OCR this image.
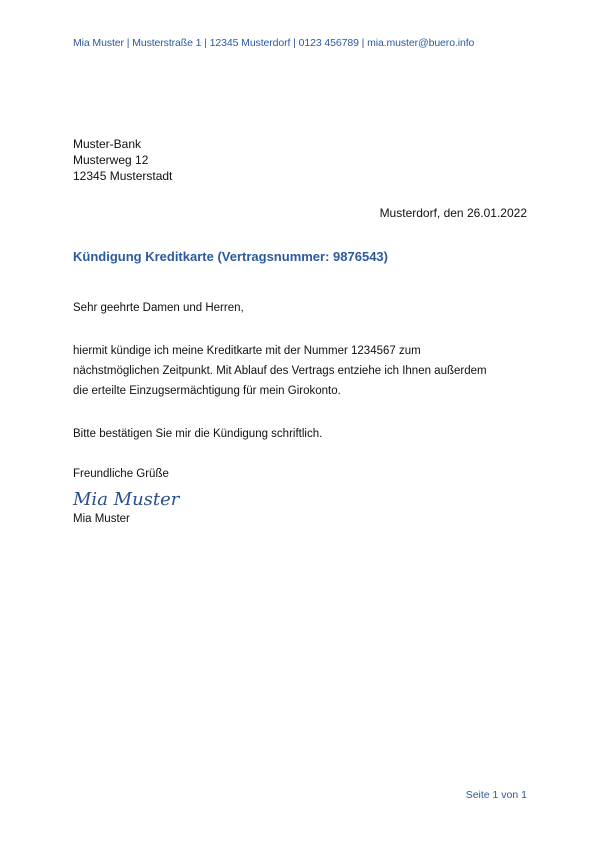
Mia Muster | Musterstraße 1 | 12345 Musterdorf | 0123 456789 | mia.muster@buero.info
Muster-Bank
Musterweg 12
12345 Musterstadt
Musterdorf, den 26.01.2022
Kündigung Kreditkarte (Vertragsnummer: 9876543)
Sehr geehrte Damen und Herren,
hiermit kündige ich meine Kreditkarte mit der Nummer 1234567 zum
nächstmöglichen Zeitpunkt. Mit Ablauf des Vertrags entziehe ich Ihnen außerdem
die erteilte Einzugsermächtigung für mein Girokonto.
Bitte bestätigen Sie mir die Kündigung schriftlich.
Freundliche Grüße
Mia Muster
Mia Muster
Seite 1 von 1
